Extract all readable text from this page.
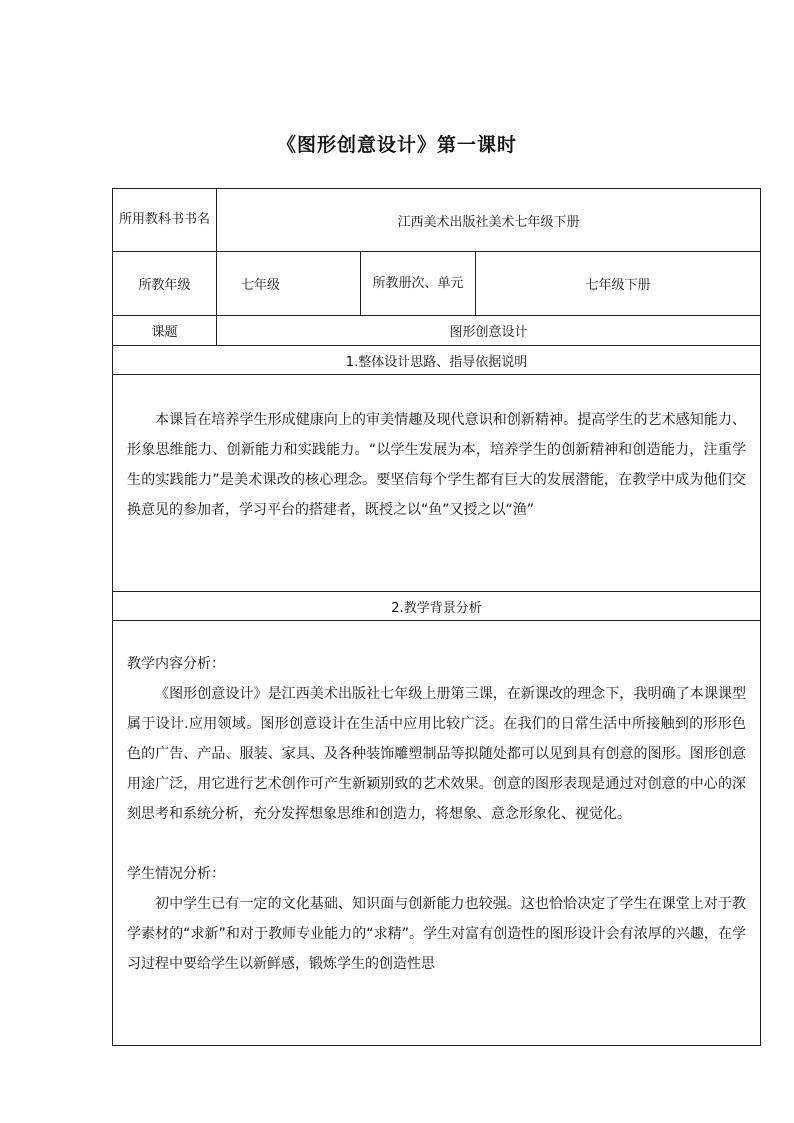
《图形创意设计》第一课时
所用教科书书名	江西美术出版社美术七年级下册		
所教年级	七年级	所教册次、单元	七年级下册
课题	图形创意设计		
1.整体设计思路、指导依据说明			

本课旨在培养学生形成健康向上的审美情趣及现代意识和创新精神。提高学生的艺术感知能力、形象思维能力、创新能力和实践能力。“以学生发展为本，培养学生的创新精神和创造能力，注重学生的实践能力”是美术课改的核心理念。要坚信每个学生都有巨大的发展潜能，在教学中成为他们交换意见的参加者，学习平台的搭建者，既授之以“鱼”又授之以“渔”			

2.教学背景分析			

教学内容分析：

《图形创意设计》是江西美术出版社七年级上册第三课，在新课改的理念下，我明确了本课课型属于设计.应用领域。图形创意设计在生活中应用比较广泛。在我们的日常生活中所接触到的形形色色的广告、产品、服装、家具、及各种装饰雕塑制品等拟随处都可以见到具有创意的图形。图形创意用途广泛，用它进行艺术创作可产生新颖别致的艺术效果。创意的图形表现是通过对创意的中心的深刻思考和系统分析，充分发挥想象思维和创造力，将想象、意念形象化、视觉化。

学生情况分析：

初中学生已有一定的文化基础、知识面与创新能力也较强。这也恰恰决定了学生在课堂上对于教学素材的“求新”和对于教师专业能力的“求精”。学生对富有创造性的图形设计会有浓厚的兴趣，在学习过程中要给学生以新鲜感，锻炼学生的创造性思			
